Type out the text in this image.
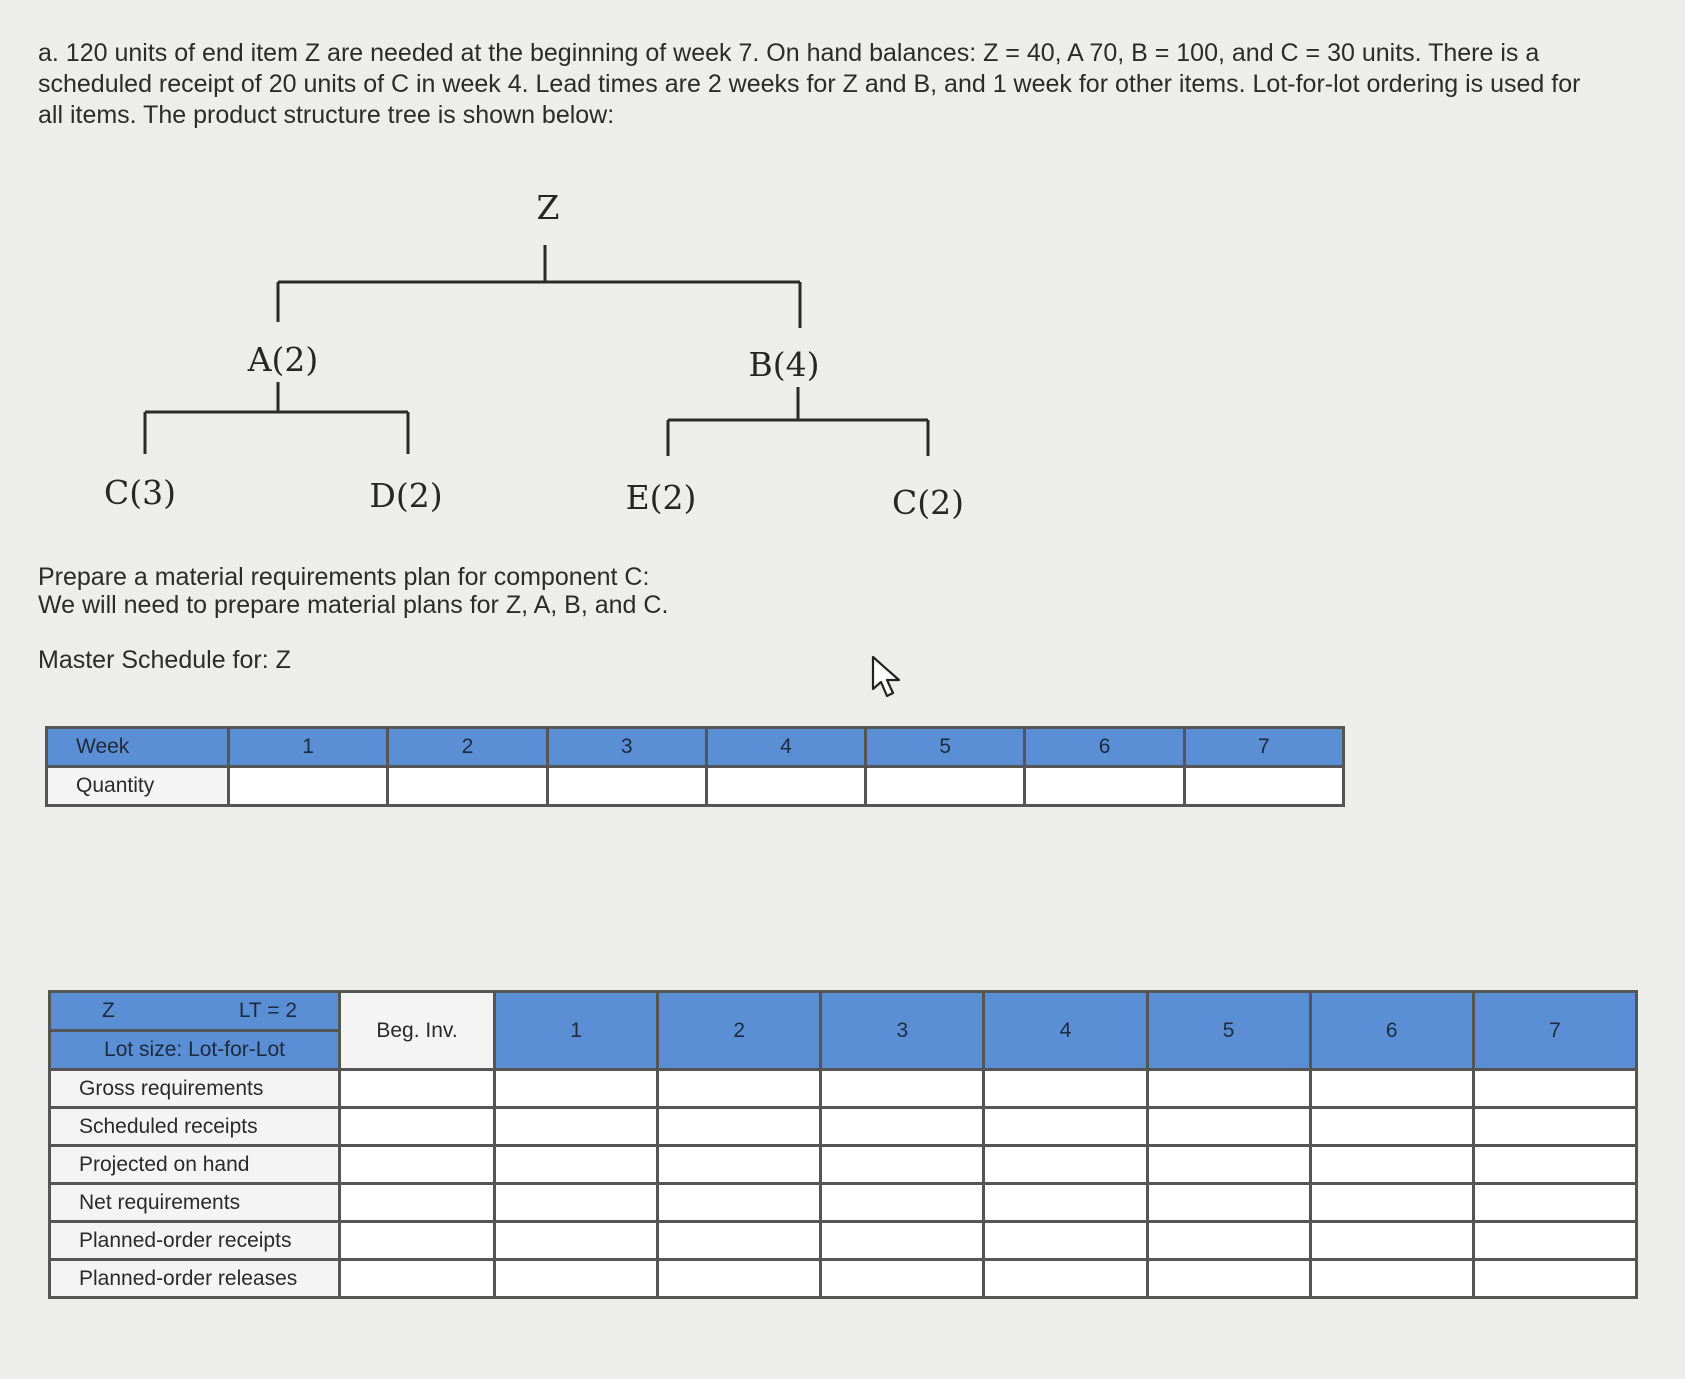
a. 120 units of end item Z are needed at the beginning of week 7. On hand balances: Z = 40, A 70, B = 100, and C = 30 units. There is a scheduled receipt of 20 units of C in week 4. Lead times are 2 weeks for Z and B, and 1 week for other items. Lot-for-lot ordering is used for all items. The product structure tree is shown below:
Z
A(2)	B(4)
C(3)	D(2)	E(2)	C(2)
Prepare a material requirements plan for component C:
We will need to prepare material plans for Z, A, B, and C.
Master Schedule for: Z
Week	1	2	3	4	5	6	7
Quantity							
Z LT = 2	Beg. Inv.	1	2	3	4	5	6	7
Lot size: Lot-for-Lot								
Gross requirements								
Scheduled receipts								
Projected on hand								
Net requirements								
Planned-order receipts								
Planned-order releases								
